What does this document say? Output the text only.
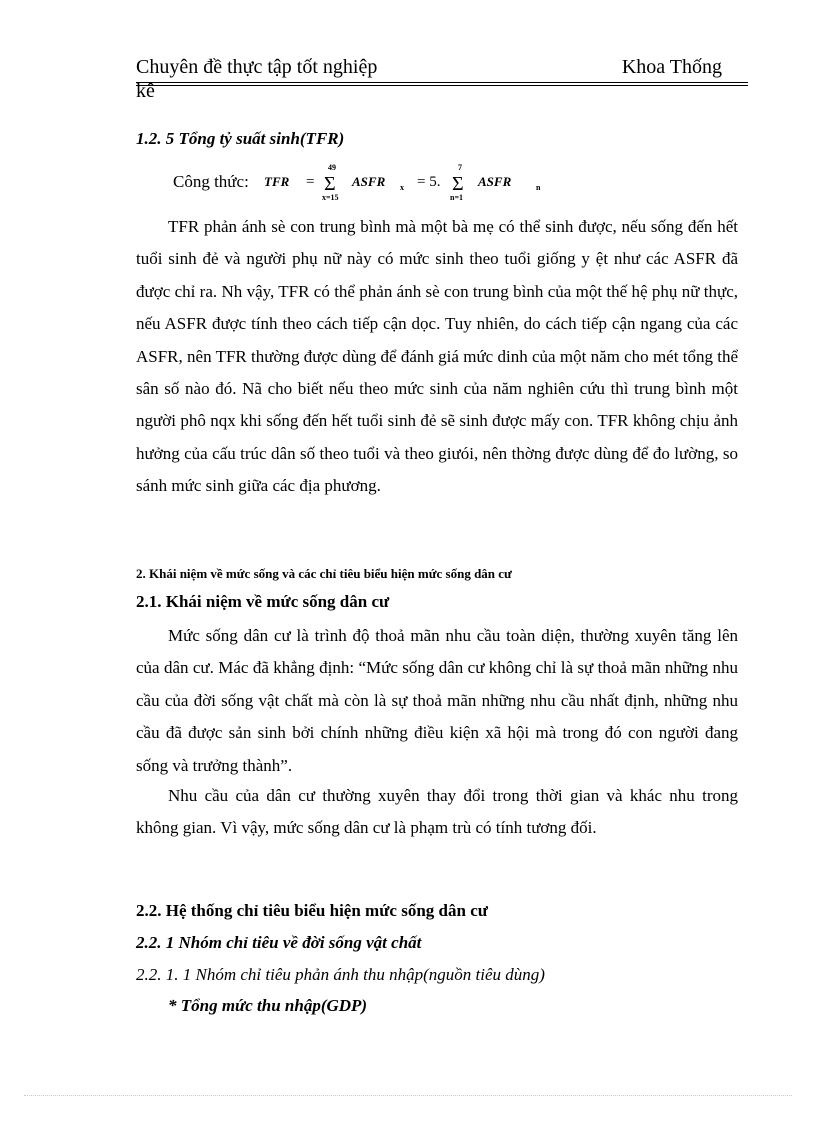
Chuyên đề thực tập tốt nghiệp	Khoa Thống
kê
1.2. 5 Tổng tỷ suất sinh(TFR)
Công thức: TFR =
49
Σ
x=15
ASFR x = 5.
7
Σ
n=1
ASFR	n

TFR phản ánh sè con trung bình mà một bà mẹ có thể sinh được, nếu sống đến hết tuổi sinh đẻ và người phụ nữ này có mức sinh theo tuổi giống y ệt như các ASFR đã được chỉ ra. Nh vậy, TFR có thể phản ánh sè con trung bình của một thế hệ phụ nữ thực, nếu ASFR được tính theo cách tiếp cận dọc. Tuy nhiên, do cách tiếp cận ngang của các ASFR, nên TFR thường được dùng để đánh giá mức dinh của một năm cho mét tổng thể sân số nào đó. Nã cho biết nếu theo mức sinh của năm nghiên cứu thì trung bình một người phô nqx khi sống đến hết tuổi sinh đẻ sẽ sinh được mấy con. TFR không chịu ảnh hưởng của cấu trúc dân số theo tuổi và theo giưói, nên thờng được dùng để đo lường, so sánh mức sinh giữa các địa phương.

2. Khái niệm về mức sống và các chỉ tiêu biểu hiện mức sống dân cư
2.1. Khái niệm về mức sống dân cư

Mức sống dân cư là trình độ thoả mãn nhu cầu toàn diện, thường xuyên tăng lên của dân cư. Mác đã khẳng định: “Mức sống dân cư không chỉ là sự thoả mãn những nhu cầu của đời sống vật chất mà còn là sự thoả mãn những nhu cầu nhất định, những nhu cầu đã được sản sinh bởi chính những điều kiện xã hội mà trong đó con người đang sống và trưởng thành”.

Nhu cầu của dân cư thường xuyên thay đổi trong thời gian và khác nhu trong không gian. Vì vậy, mức sống dân cư là phạm trù có tính tương đối.

2.2. Hệ thống chỉ tiêu biểu hiện mức sống dân cư
2.2. 1 Nhóm chỉ tiêu về đời sống vật chất
2.2. 1. 1 Nhóm chỉ tiêu phản ánh thu nhập(nguồn tiêu dùng)
* Tổng mức thu nhập(GDP)
